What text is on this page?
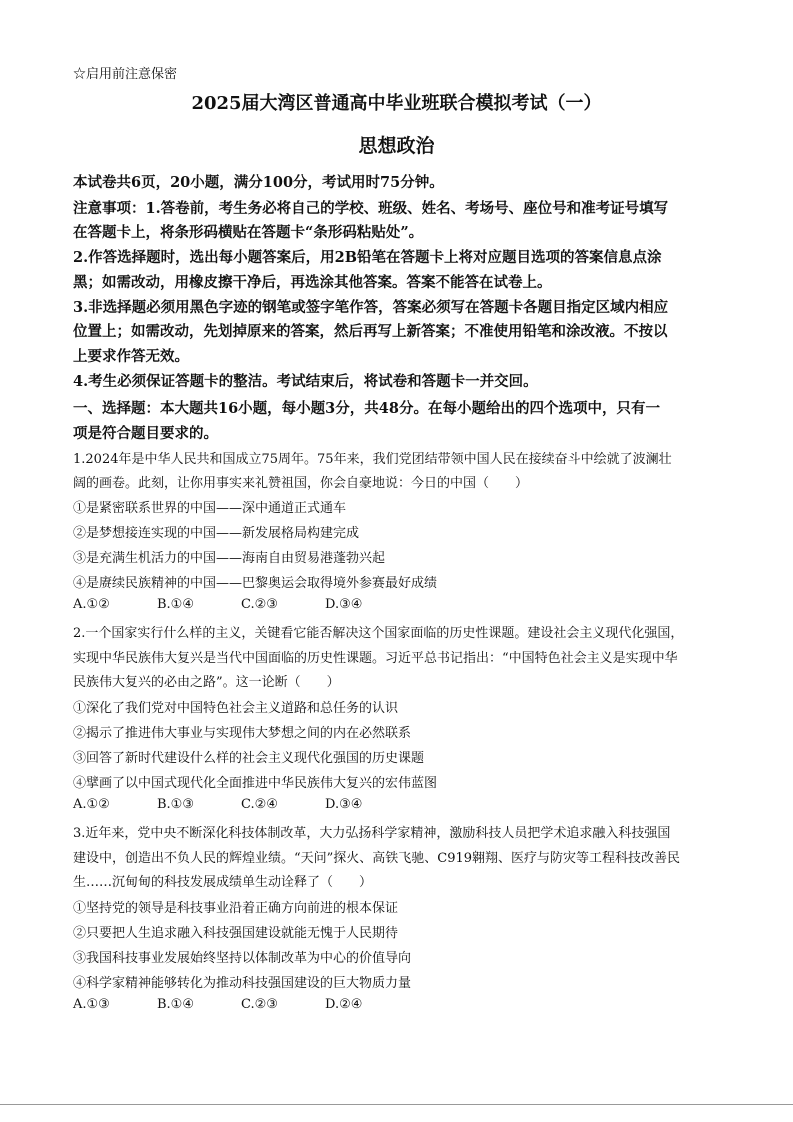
☆启用前注意保密
2025届大湾区普通高中毕业班联合模拟考试（一）
思想政治
本试卷共6页，20小题，满分100分，考试用时75分钟。
注意事项：1.答卷前，考生务必将自己的学校、班级、姓名、考场号、座位号和准考证号填写
在答题卡上，将条形码横贴在答题卡“条形码粘贴处”。
2.作答选择题时，选出每小题答案后，用2B铅笔在答题卡上将对应题目选项的答案信息点涂
黑；如需改动，用橡皮擦干净后，再选涂其他答案。答案不能答在试卷上。
3.非选择题必须用黑色字迹的钢笔或签字笔作答，答案必须写在答题卡各题目指定区域内相应
位置上；如需改动，先划掉原来的答案，然后再写上新答案；不准使用铅笔和涂改液。不按以
上要求作答无效。
4.考生必须保证答题卡的整洁。考试结束后，将试卷和答题卡一并交回。
一、选择题：本大题共16小题，每小题3分，共48分。在每小题给出的四个选项中，只有一
项是符合题目要求的。
1.2024年是中华人民共和国成立75周年。75年来，我们党团结带领中国人民在接续奋斗中绘就了波澜壮
阔的画卷。此刻，让你用事实来礼赞祖国，你会自豪地说：今日的中国（　　）
①是紧密联系世界的中国——深中通道正式通车
②是梦想接连实现的中国——新发展格局构建完成
③是充满生机活力的中国——海南自由贸易港蓬勃兴起
④是赓续民族精神的中国——巴黎奥运会取得境外参赛最好成绩
A.①②	B.①④	C.②③	D.③④
2.一个国家实行什么样的主义，关键看它能否解决这个国家面临的历史性课题。建设社会主义现代化强国，
实现中华民族伟大复兴是当代中国面临的历史性课题。习近平总书记指出：“中国特色社会主义是实现中华
民族伟大复兴的必由之路”。这一论断（　　）
①深化了我们党对中国特色社会主义道路和总任务的认识
②揭示了推进伟大事业与实现伟大梦想之间的内在必然联系
③回答了新时代建设什么样的社会主义现代化强国的历史课题
④擘画了以中国式现代化全面推进中华民族伟大复兴的宏伟蓝图
A.①②	B.①③	C.②④	D.③④
3.近年来，党中央不断深化科技体制改革，大力弘扬科学家精神，激励科技人员把学术追求融入科技强国
建设中，创造出不负人民的辉煌业绩。“天问”探火、高铁飞驰、C919翱翔、医疗与防灾等工程科技改善民
生……沉甸甸的科技发展成绩单生动诠释了（　　）
①坚持党的领导是科技事业沿着正确方向前进的根本保证
②只要把人生追求融入科技强国建设就能无愧于人民期待
③我国科技事业发展始终坚持以体制改革为中心的价值导向
④科学家精神能够转化为推动科技强国建设的巨大物质力量
A.①③	B.①④	C.②③	D.②④
